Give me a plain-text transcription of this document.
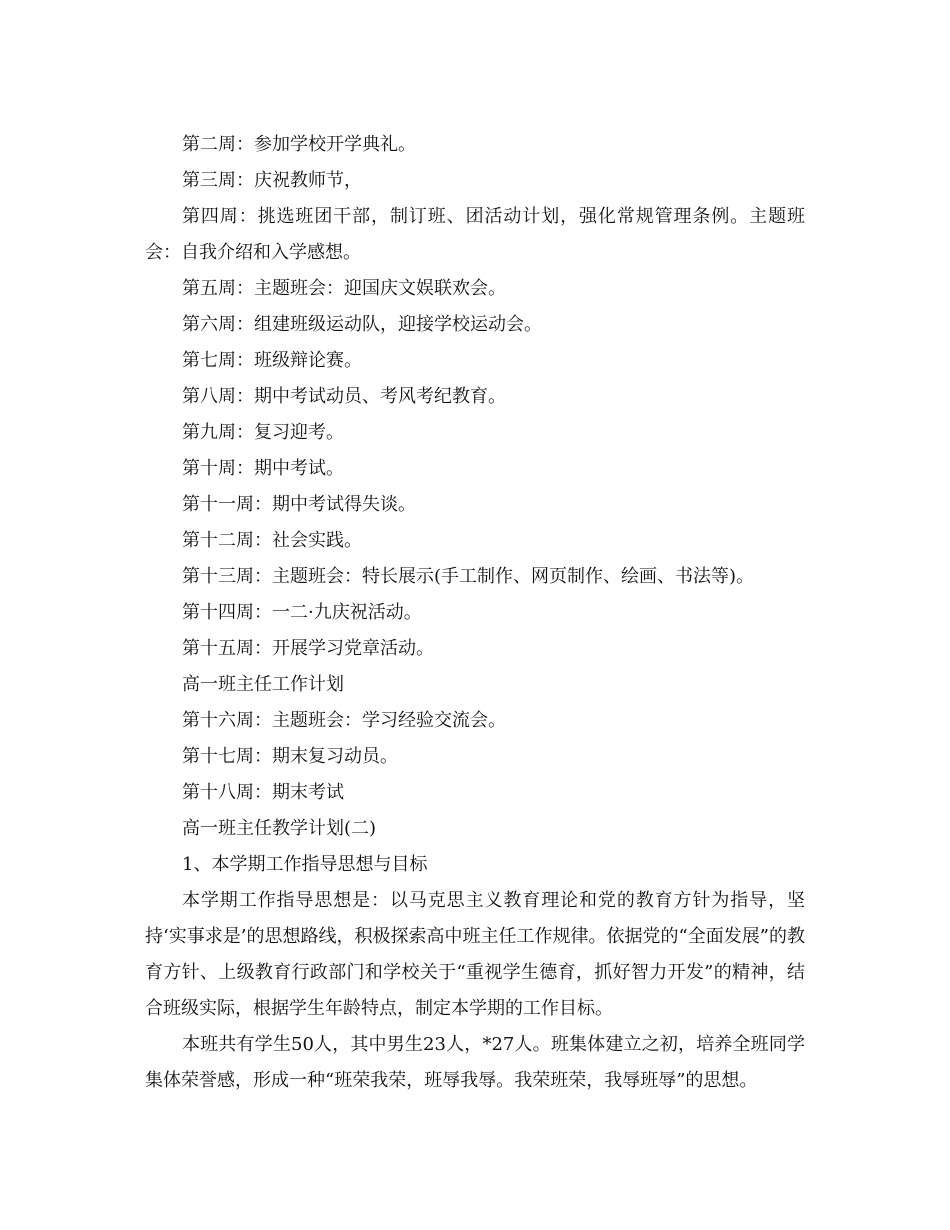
第二周：参加学校开学典礼。

第三周：庆祝教师节，

第四周：挑选班团干部，制订班、团活动计划，强化常规管理条例。主题班会：自我介绍和入学感想。

第五周：主题班会：迎国庆文娱联欢会。

第六周：组建班级运动队，迎接学校运动会。

第七周：班级辩论赛。

第八周：期中考试动员、考风考纪教育。

第九周：复习迎考。

第十周：期中考试。

第十一周：期中考试得失谈。

第十二周：社会实践。

第十三周：主题班会：特长展示(手工制作、网页制作、绘画、书法等)。

第十四周：一二·九庆祝活动。

第十五周：开展学习党章活动。

高一班主任工作计划

第十六周：主题班会：学习经验交流会。

第十七周：期末复习动员。

第十八周：期末考试

高一班主任教学计划(二)

1、本学期工作指导思想与目标

本学期工作指导思想是：以马克思主义教育理论和党的教育方针为指导，坚持‘实事求是’的思想路线，积极探索高中班主任工作规律。依据党的“全面发展”的教育方针、上级教育行政部门和学校关于“重视学生德育，抓好智力开发”的精神，结合班级实际，根据学生年龄特点，制定本学期的工作目标。

本班共有学生50人，其中男生23人，*27人。班集体建立之初，培养全班同学集体荣誉感，形成一种“班荣我荣，班辱我辱。我荣班荣，我辱班辱”的思想。
